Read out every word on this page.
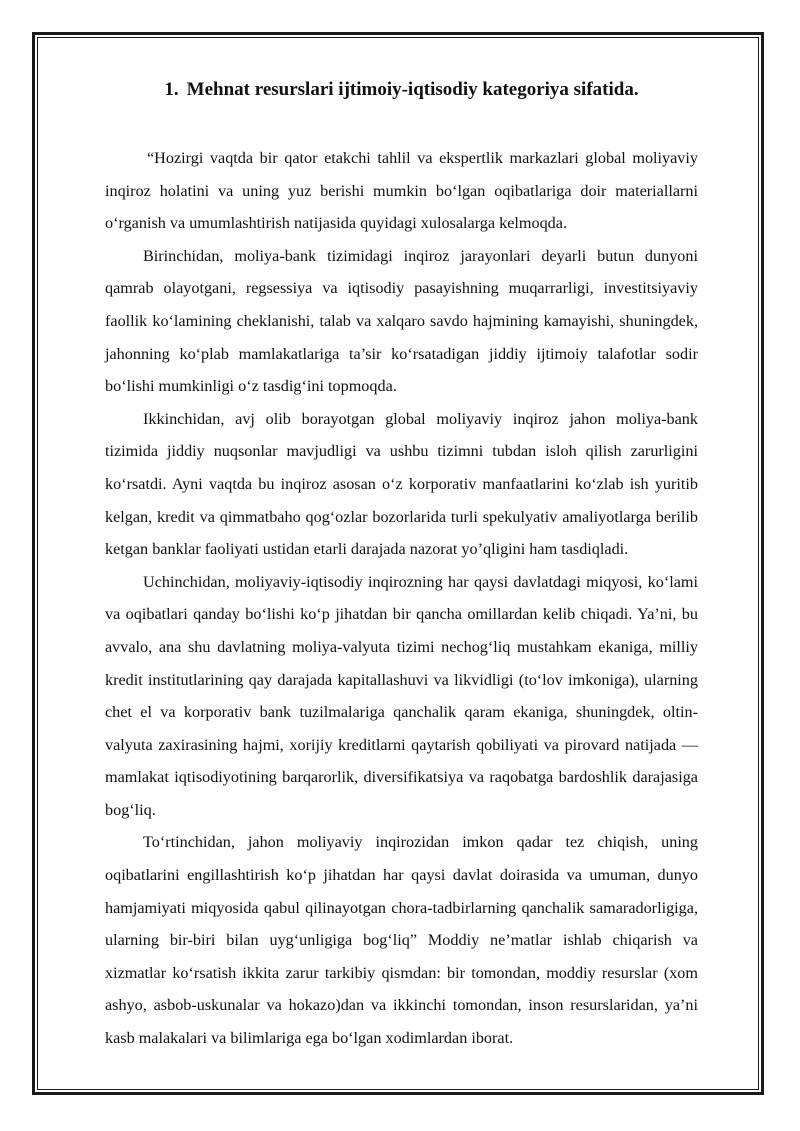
1. Mehnat resurslari ijtimoiy-iqtisodiy kategoriya sifatida.

“Hozirgi vaqtda bir qator etakchi tahlil va ekspertlik markazlari global moliyaviy inqiroz holatini va uning yuz berishi mumkin bo‘lgan oqibatlariga doir materiallarni o‘rganish va umumlashtirish natijasida quyidagi xulosalarga kelmoqda.

Birinchidan, moliya-bank tizimidagi inqiroz jarayonlari deyarli butun dunyoni qamrab olayotgani, regsessiya va iqtisodiy pasayishning muqarrarligi, investitsiyaviy faollik ko‘lamining cheklanishi, talab va xalqaro savdo hajmining kamayishi, shuningdek, jahonning ko‘plab mamlakatlariga ta’sir ko‘rsatadigan jiddiy ijtimoiy talafotlar sodir bo‘lishi mumkinligi o‘z tasdig‘ini topmoqda.

Ikkinchidan, avj olib borayotgan global moliyaviy inqiroz jahon moliya-bank tizimida jiddiy nuqsonlar mavjudligi va ushbu tizimni tubdan isloh qilish zarurligini ko‘rsatdi. Ayni vaqtda bu inqiroz asosan o‘z korporativ manfaatlarini ko‘zlab ish yuritib kelgan, kredit va qimmatbaho qog‘ozlar bozorlarida turli spekulyativ amaliyotlarga berilib ketgan banklar faoliyati ustidan etarli darajada nazorat yo’qligini ham tasdiqladi.

Uchinchidan, moliyaviy-iqtisodiy inqirozning har qaysi davlatdagi miqyosi, ko‘lami va oqibatlari qanday bo‘lishi ko‘p jihatdan bir qancha omillardan kelib chiqadi. Ya’ni, bu avvalo, ana shu davlatning moliya-valyuta tizimi nechog‘liq mustahkam ekaniga, milliy kredit institutlarining qay darajada kapitallashuvi va likvidligi (to‘lov imkoniga), ularning chet el va korporativ bank tuzilmalariga qanchalik qaram ekaniga, shuningdek, oltin-valyuta zaxirasining hajmi, xorijiy kreditlarni qaytarish qobiliyati va pirovard natijada — mamlakat iqtisodiyotining barqarorlik, diversifikatsiya va raqobatga bardoshlik darajasiga bog‘liq.

To‘rtinchidan, jahon moliyaviy inqirozidan imkon qadar tez chiqish, uning oqibatlarini engillashtirish ko‘p jihatdan har qaysi davlat doirasida va umuman, dunyo hamjamiyati miqyosida qabul qilinayotgan chora-tadbirlarning qanchalik samaradorligiga, ularning bir-biri bilan uyg‘unligiga bog‘liq” Moddiy ne’matlar ishlab chiqarish va xizmatlar ko‘rsatish ikkita zarur tarkibiy qismdan: bir tomondan, moddiy resurslar (xom ashyo, asbob-uskunalar va hokazo)dan va ikkinchi tomondan, inson resurslaridan, ya’ni kasb malakalari va bilimlariga ega bo‘lgan xodimlardan iborat.
